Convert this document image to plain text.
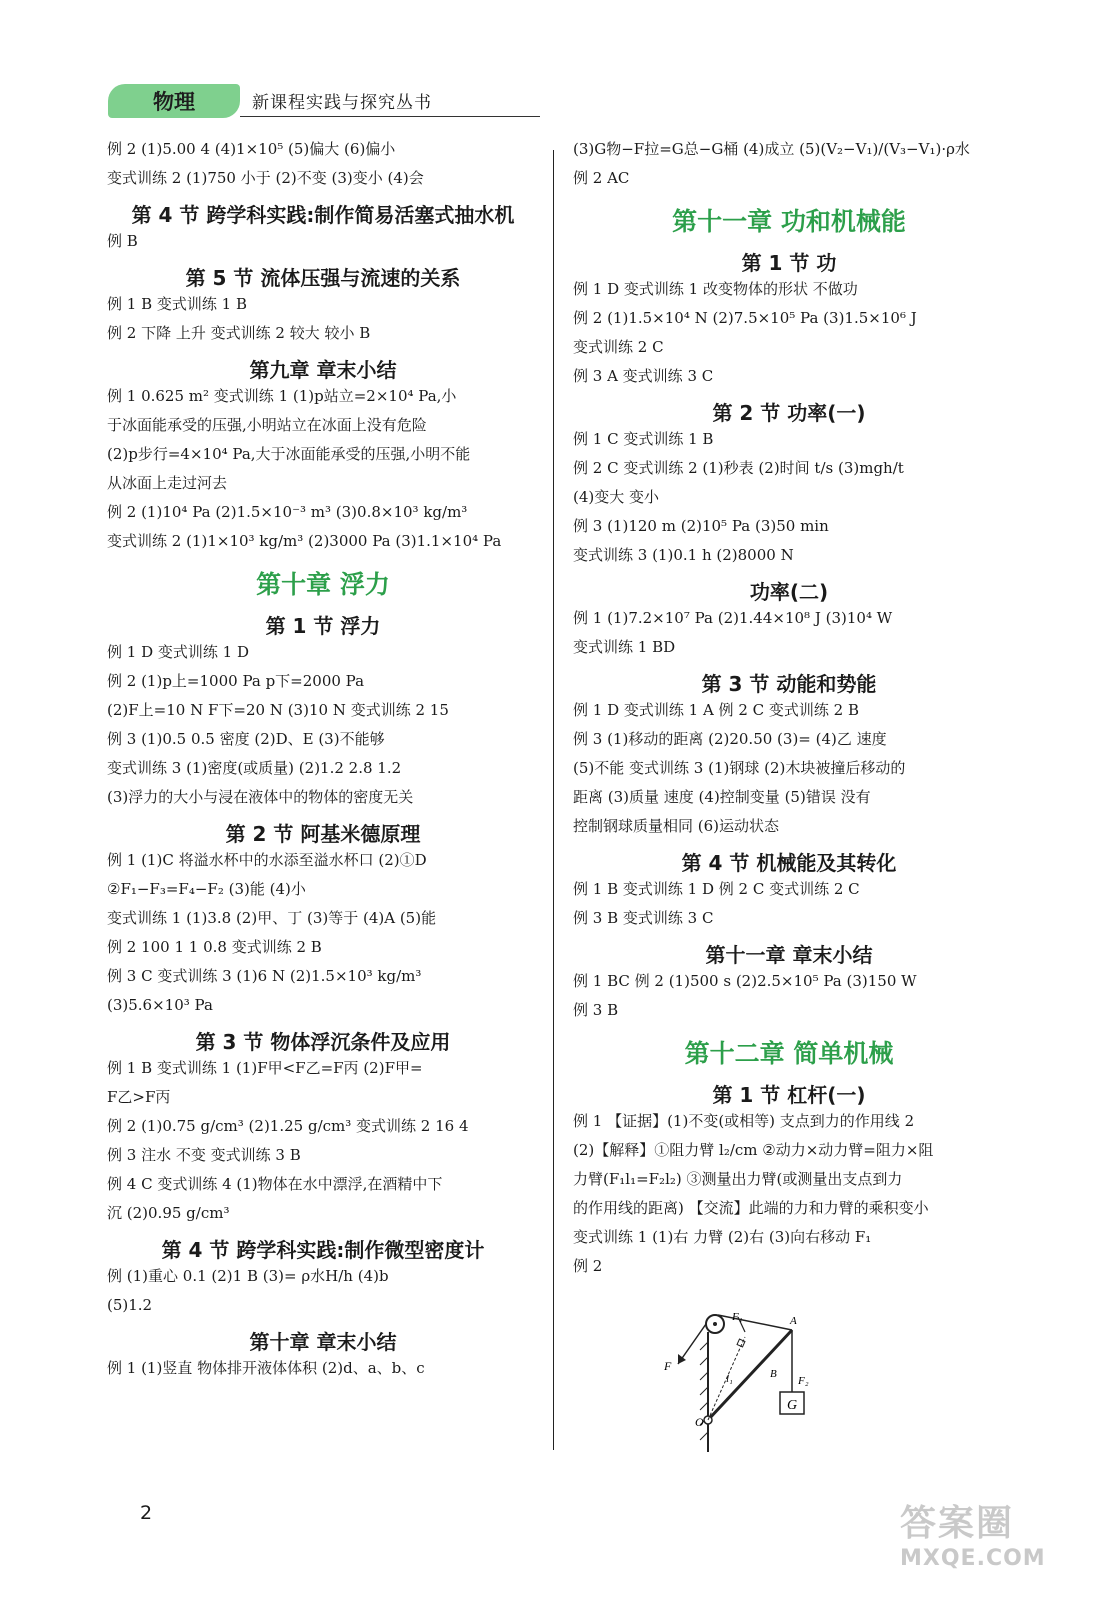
物理	新课程实践与探究丛书
例 2 (1)5.00 4 (4)1×10⁵ (5)偏大 (6)偏小
变式训练 2 (1)750 小于 (2)不变 (3)变小 (4)会
第 4 节 跨学科实践:制作简易活塞式抽水机
例 B
第 5 节 流体压强与流速的关系
例 1 B 变式训练 1 B
例 2 下降 上升 变式训练 2 较大 较小 B
第九章 章末小结
例 1 0.625 m² 变式训练 1 (1)p站立=2×10⁴ Pa,小
于冰面能承受的压强,小明站立在冰面上没有危险
(2)p步行=4×10⁴ Pa,大于冰面能承受的压强,小明不能
从冰面上走过河去
例 2 (1)10⁴ Pa (2)1.5×10⁻³ m³ (3)0.8×10³ kg/m³
变式训练 2 (1)1×10³ kg/m³ (2)3000 Pa (3)1.1×10⁴ Pa
第十章 浮力
第 1 节 浮力
例 1 D 变式训练 1 D
例 2 (1)p上=1000 Pa p下=2000 Pa
(2)F上=10 N F下=20 N (3)10 N 变式训练 2 15
例 3 (1)0.5 0.5 密度 (2)D、E (3)不能够
变式训练 3 (1)密度(或质量) (2)1.2 2.8 1.2
(3)浮力的大小与浸在液体中的物体的密度无关
第 2 节 阿基米德原理
例 1 (1)C 将溢水杯中的水添至溢水杯口 (2)①D
②F₁−F₃=F₄−F₂ (3)能 (4)小
变式训练 1 (1)3.8 (2)甲、丁 (3)等于 (4)A (5)能
例 2 100 1 1 0.8 变式训练 2 B
例 3 C 变式训练 3 (1)6 N (2)1.5×10³ kg/m³
(3)5.6×10³ Pa
第 3 节 物体浮沉条件及应用
例 1 B 变式训练 1 (1)F甲<F乙=F丙 (2)F甲=
F乙>F丙
例 2 (1)0.75 g/cm³ (2)1.25 g/cm³ 变式训练 2 16 4
例 3 注水 不变 变式训练 3 B
例 4 C 变式训练 4 (1)物体在水中漂浮,在酒精中下
沉 (2)0.95 g/cm³
第 4 节 跨学科实践:制作微型密度计
例 (1)重心 0.1 (2)1 B (3)= ρ水H/h (4)b
(5)1.2
第十章 章末小结
例 1 (1)竖直 物体排开液体体积 (2)d、a、b、c
(3)G物−F拉=G总−G桶 (4)成立 (5)(V₂−V₁)/(V₃−V₁)·ρ水
例 2 AC
第十一章 功和机械能
第 1 节 功
例 1 D 变式训练 1 改变物体的形状 不做功
例 2 (1)1.5×10⁴ N (2)7.5×10⁵ Pa (3)1.5×10⁶ J
变式训练 2 C
例 3 A 变式训练 3 C
第 2 节 功率(一)
例 1 C 变式训练 1 B
例 2 C 变式训练 2 (1)秒表 (2)时间 t/s (3)mgh/t
(4)变大 变小
例 3 (1)120 m (2)10⁵ Pa (3)50 min
变式训练 3 (1)0.1 h (2)8000 N
功率(二)
例 1 (1)7.2×10⁷ Pa (2)1.44×10⁸ J (3)10⁴ W
变式训练 1 BD
第 3 节 动能和势能
例 1 D 变式训练 1 A 例 2 C 变式训练 2 B
例 3 (1)移动的距离 (2)20.50 (3)= (4)乙 速度
(5)不能 变式训练 3 (1)钢球 (2)木块被撞后移动的
距离 (3)质量 速度 (4)控制变量 (5)错误 没有
控制钢球质量相同 (6)运动状态
第 4 节 机械能及其转化
例 1 B 变式训练 1 D 例 2 C 变式训练 2 C
例 3 B 变式训练 3 C
第十一章 章末小结
例 1 BC 例 2 (1)500 s (2)2.5×10⁵ Pa (3)150 W
例 3 B
第十二章 简单机械
第 1 节 杠杆(一)
例 1 【证据】(1)不变(或相等) 支点到力的作用线 2
(2)【解释】①阻力臂 l₂/cm ②动力×动力臂=阻力×阻
力臂(F₁l₁=F₂l₂) ③测量出力臂(或测量出支点到力
的作用线的距离) 【交流】此端的力和力臂的乘积变小
变式训练 1 (1)右 力臂 (2)右 (3)向右移动 F₁
例 2
G
F₁	A
B
F₂
F
O
l₁
2	答案圈
MXQE.COM
